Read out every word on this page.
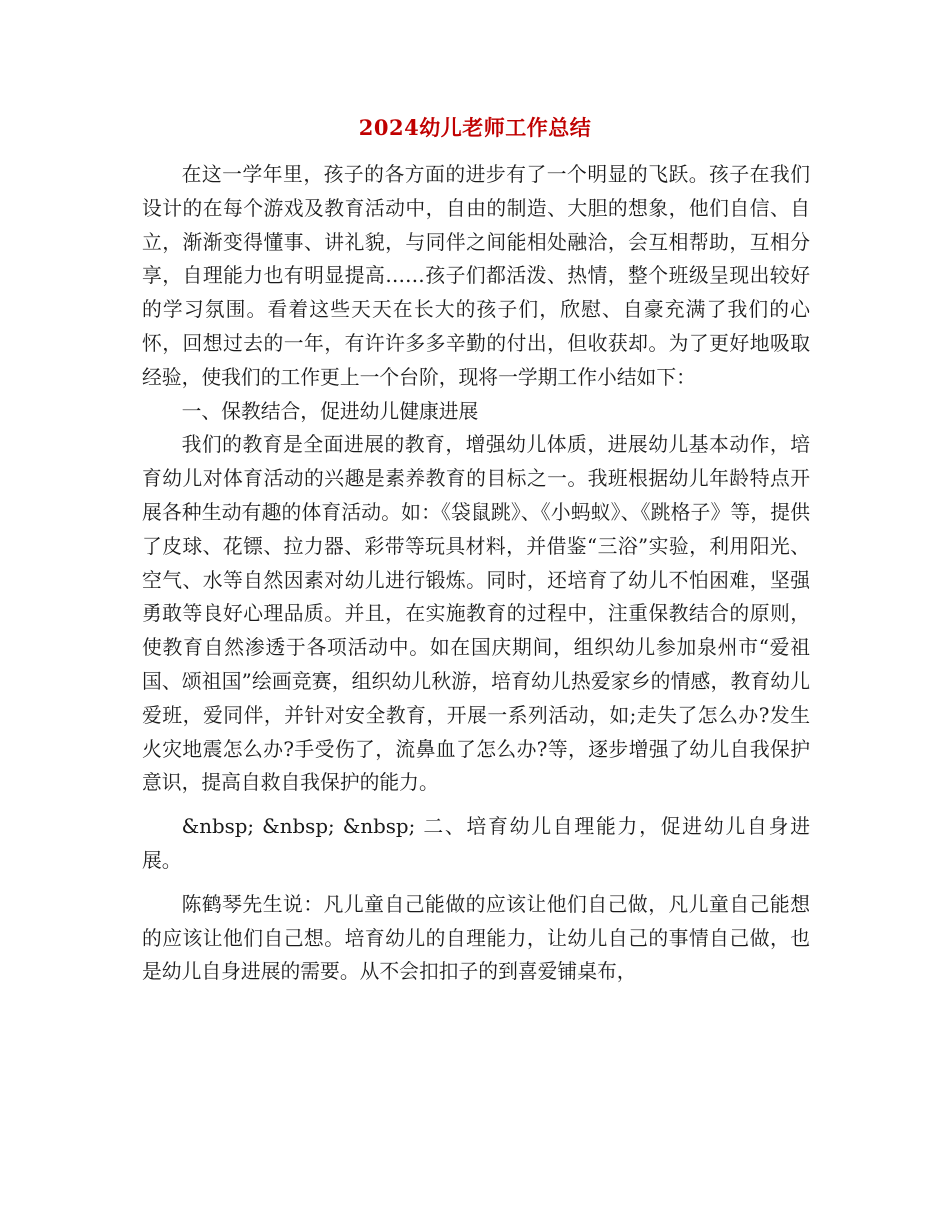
2024幼儿老师工作总结

在这一学年里，孩子的各方面的进步有了一个明显的飞跃。孩子在我们设计的在每个游戏及教育活动中，自由的制造、大胆的想象，他们自信、自立，渐渐变得懂事、讲礼貌，与同伴之间能相处融洽，会互相帮助，互相分享，自理能力也有明显提高……孩子们都活泼、热情，整个班级呈现出较好的学习氛围。看着这些天天在长大的孩子们，欣慰、自豪充满了我们的心怀，回想过去的一年，有许许多多辛勤的付出，但收获却。为了更好地吸取经验，使我们的工作更上一个台阶，现将一学期工作小结如下：

一、保教结合，促进幼儿健康进展

我们的教育是全面进展的教育，增强幼儿体质，进展幼儿基本动作，培育幼儿对体育活动的兴趣是素养教育的目标之一。我班根据幼儿年龄特点开展各种生动有趣的体育活动。如：《袋鼠跳》、《小蚂蚁》、《跳格子》等，提供了皮球、花镖、拉力器、彩带等玩具材料，并借鉴“三浴”实验，利用阳光、空气、水等自然因素对幼儿进行锻炼。同时，还培育了幼儿不怕困难，坚强勇敢等良好心理品质。并且，在实施教育的过程中，注重保教结合的原则，使教育自然渗透于各项活动中。如在国庆期间，组织幼儿参加泉州市“爱祖国、颂祖国”绘画竞赛，组织幼儿秋游，培育幼儿热爱家乡的情感，教育幼儿爱班，爱同伴，并针对安全教育，开展一系列活动，如;走失了怎么办?发生火灾地震怎么办?手受伤了，流鼻血了怎么办?等，逐步增强了幼儿自我保护意识，提高自救自我保护的能力。

&nbsp; &nbsp; &nbsp; 二、培育幼儿自理能力，促进幼儿自身进展。

陈鹤琴先生说：凡儿童自己能做的应该让他们自己做，凡儿童自己能想的应该让他们自己想。培育幼儿的自理能力，让幼儿自己的事情自己做，也是幼儿自身进展的需要。从不会扣扣子的到喜爱铺桌布，
